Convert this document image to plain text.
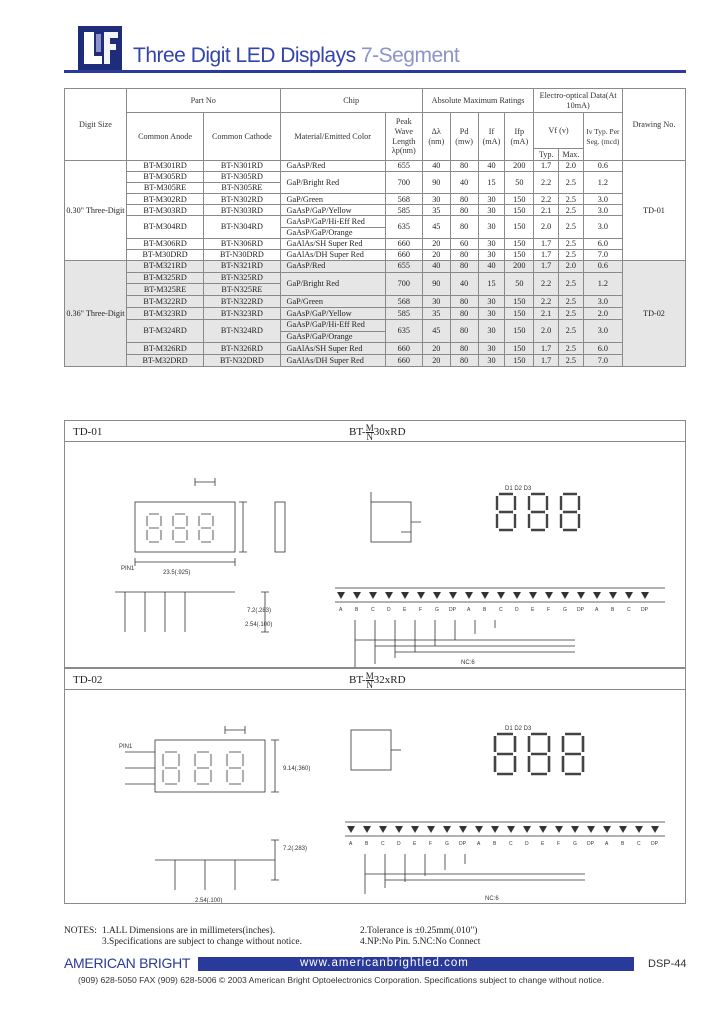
Three Digit LED Displays 7-Segment
Digit Size	Part No		Chip		Absolute Maximum Ratings				Electro-optical Data(At 10mA)			Drawing No.
	Common Anode	Common Cathode	Material/Emitted Color	Peak Wave Length λp(nm)	Δλ (nm)	Pd (mw)	If (mA)	Ifp (mA)	Vf (v)		Iv Typ. Per Seg. (mcd)	
									Typ.	Max.		
0.30" Three-Digit	BT-M301RD	BT-N301RD	GaAsP/Red	655	40	80	40	200	1.7	2.0	0.6	TD-01
	BT-M305RD	BT-N305RD	GaP/Bright Red	700	90	40	15	50	2.2	2.5	1.2	
	BT-M305RE	BT-N305RE										
	BT-M302RD	BT-N302RD	GaP/Green	568	30	80	30	150	2.2	2.5	3.0	
	BT-M303RD	BT-N303RD	GaAsP/GaP/Yellow	585	35	80	30	150	2.1	2.5	3.0	
	BT-M304RD	BT-N304RD	GaAsP/GaP/Hi-Eff Red	635	45	80	30	150	2.0	2.5	3.0	
			GaAsP/GaP/Orange									
	BT-M306RD	BT-N306RD	GaAlAs/SH Super Red	660	20	60	30	150	1.7	2.5	6.0	
	BT-M30DRD	BT-N30DRD	GaAlAs/DH Super Red	660	20	80	30	150	1.7	2.5	7.0	
0.36" Three-Digit	BT-M321RD	BT-N321RD	GaAsP/Red	655	40	80	40	200	1.7	2.0	0.6	TD-02
	BT-M325RD	BT-N325RD	GaP/Bright Red	700	90	40	15	50	2.2	2.5	1.2	
	BT-M325RE	BT-N325RE										
	BT-M322RD	BT-N322RD	GaP/Green	568	30	80	30	150	2.2	2.5	3.0	
	BT-M323RD	BT-N323RD	GaAsP/GaP/Yellow	585	35	80	30	150	2.1	2.5	2.0	
	BT-M324RD	BT-N324RD	GaAsP/GaP/Hi-Eff Red	635	45	80	30	150	2.0	2.5	3.0	
			GaAsP/GaP/Orange									
	BT-M326RD	BT-N326RD	GaAlAs/SH Super Red	660	20	80	30	150	1.7	2.5	6.0	
	BT-M32DRD	BT-N32DRD	GaAlAs/DH Super Red	660	20	80	30	150	1.7	2.5	7.0	
TD-01	$BT- \frac{M}{N}30xRD$
PIN1
23.5(.925)
7.2(.283)
2.54(.100)
D1 D2 D3
NC:6
A	B	C D E	F	G DP A	B	C D E	F	G DP A	B	C DP
TD-02	$BT- \frac{M}{N}32xRD$
PIN1
9.14(.360)
7.2(.283)
2.54(.100)
D1 D2 D3
NC:6
A	B	C D E	F	G DP A	B	C D E	F	G DP A	B	C DP
NOTES: 1.ALL Dimensions are in millimeters(inches).	2.Tolerance is ±0.25mm(.010")
3.Specifications are subject to change without notice.	4.NP:No Pin. 5.NC:No Connect
AMERICAN BRIGHT	www.americanbrightled.com	DSP-44
(909) 628-5050 FAX (909) 628-5006 © 2003 American Bright Optoelectronics Corporation. Specifications subject to change without notice.
